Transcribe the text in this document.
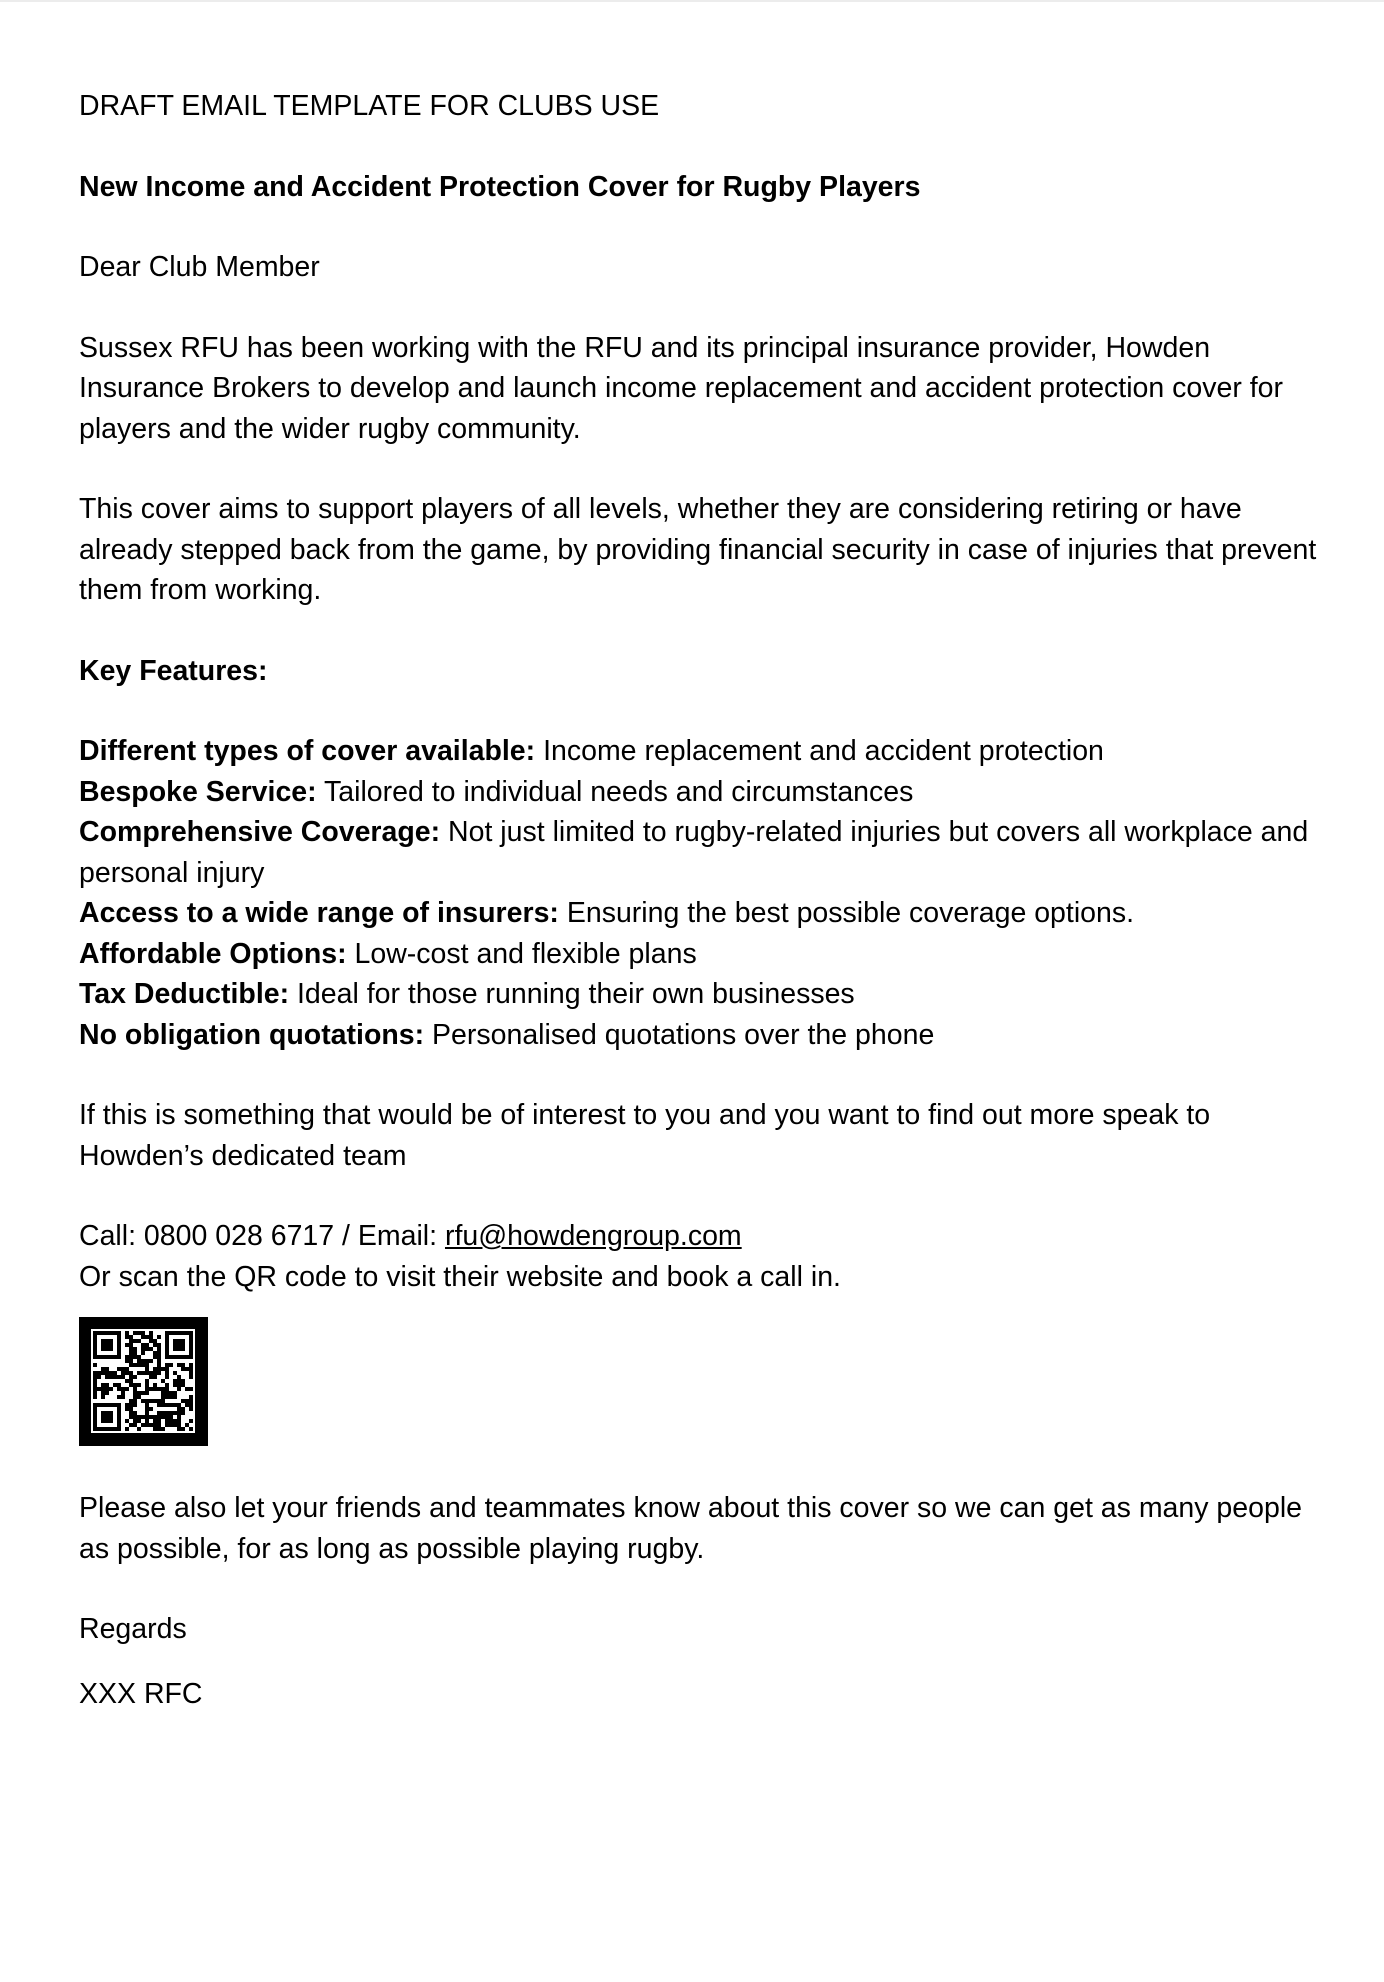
DRAFT EMAIL TEMPLATE FOR CLUBS USE

New Income and Accident Protection Cover for Rugby Players

Dear Club Member

Sussex RFU has been working with the RFU and its principal insurance provider, Howden Insurance Brokers to develop and launch income replacement and accident protection cover for players and the wider rugby community.

This cover aims to support players of all levels, whether they are considering retiring or have already stepped back from the game, by providing financial security in case of injuries that prevent them from working.

Key Features:

Different types of cover available: Income replacement and accident protection
Bespoke Service: Tailored to individual needs and circumstances
Comprehensive Coverage: Not just limited to rugby-related injuries but covers all workplace and personal injury
Access to a wide range of insurers: Ensuring the best possible coverage options.
Affordable Options: Low-cost and flexible plans
Tax Deductible: Ideal for those running their own businesses
No obligation quotations: Personalised quotations over the phone

If this is something that would be of interest to you and you want to find out more speak to Howden’s dedicated team

Call: 0800 028 6717 / Email: rfu@howdengroup.com

Or scan the QR code to visit their website and book a call in.

Please also let your friends and teammates know about this cover so we can get as many people as possible, for as long as possible playing rugby.

Regards

XXX RFC
